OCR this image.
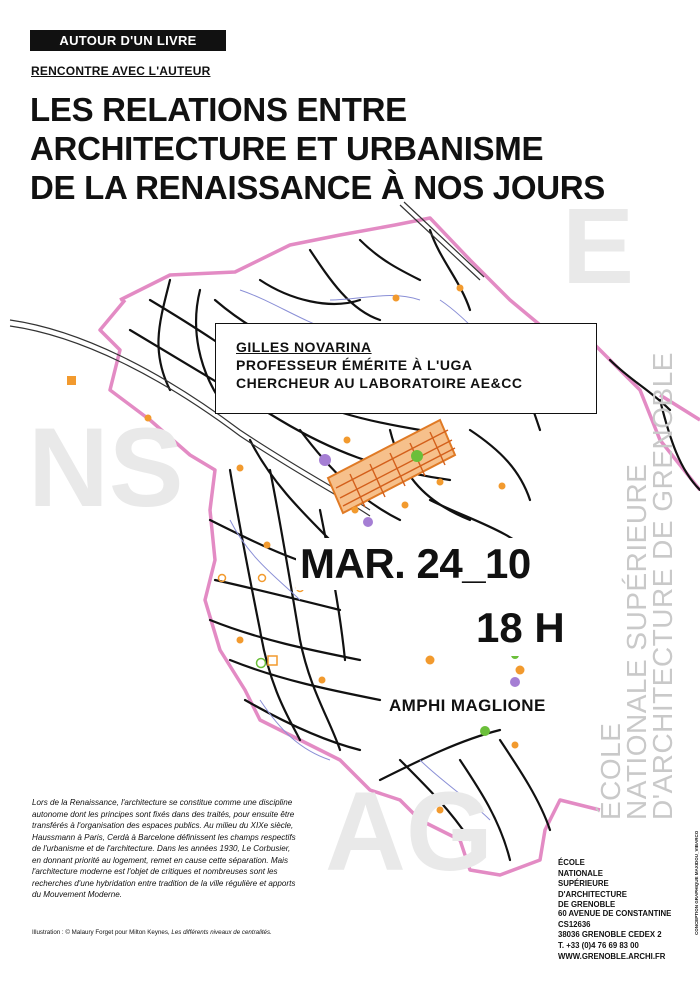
E
NS
AG
AUTOUR D'UN LIVRE
RENCONTRE AVEC L'AUTEUR
LES RELATIONS ENTRE
ARCHITECTURE ET URBANISME
DE LA RENAISSANCE À NOS JOURS
GILLES NOVARINA
PROFESSEUR ÉMÉRITE À L'UGA
CHERCHEUR AU LABORATOIRE AE&CC
MAR. 24_10
18 H
AMPHI MAGLIONE
Lors de la Renaissance, l'architecture se constitue comme une discipline autonome dont les principes sont fixés dans des traités, pour ensuite être transférés à l'organisation des espaces publics. Au milieu du XIXe siècle, Haussmann à Paris, Cerdà à Barcelone définissent les champs respectifs de l'urbanisme et de l'architecture. Dans les années 1930, Le Corbusier, en donnant priorité au logement, remet en cause cette séparation. Mais l'architecture moderne est l'objet de critiques et nombreuses sont les recherches d'une hybridation entre tradition de la ville régulière et apports du Mouvement Moderne.
Illustration : © Malaury Forget pour Milton Keynes, Les différents niveaux de centralités.
ÉCOLE
NATIONALE
SUPÉRIEURE
D'ARCHITECTURE
DE GRENOBLE
60 AVENUE DE CONSTANTINE
CS12636
38036 GRENOBLE CEDEX 2
T. +33 (0)4 76 69 83 00
WWW.GRENOBLE.ARCHI.FR
ÉCOLE
NATIONALE SUPÉRIEURE
D'ARCHITECTURE DE GRENOBLE
CONCEPTION GRAPHIQUE MAXIDOU_VIBARCO
